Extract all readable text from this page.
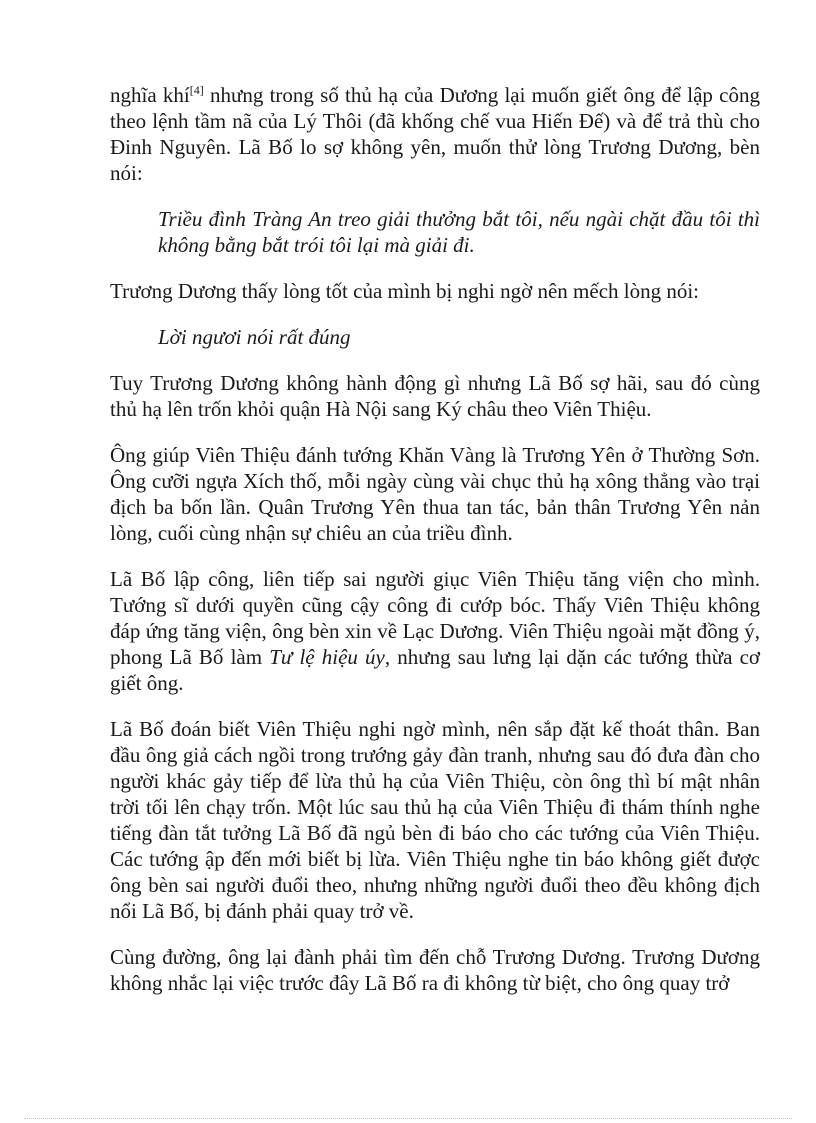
nghĩa khí[4] nhưng trong số thủ hạ của Dương lại muốn giết ông để lập công theo lệnh tầm nã của Lý Thôi (đã khống chế vua Hiến Đế) và để trả thù cho Đinh Nguyên. Lã Bố lo sợ không yên, muốn thử lòng Trương Dương, bèn nói:

Triều đình Tràng An treo giải thưởng bắt tôi, nếu ngài chặt đầu tôi thì không bằng bắt trói tôi lại mà giải đi.

Trương Dương thấy lòng tốt của mình bị nghi ngờ nên mếch lòng nói:

Lời ngươi nói rất đúng

Tuy Trương Dương không hành động gì nhưng Lã Bố sợ hãi, sau đó cùng thủ hạ lên trốn khỏi quận Hà Nội sang Ký châu theo Viên Thiệu.

Ông giúp Viên Thiệu đánh tướng Khăn Vàng là Trương Yên ở Thường Sơn. Ông cưỡi ngựa Xích thố, mỗi ngày cùng vài chục thủ hạ xông thẳng vào trại địch ba bốn lần. Quân Trương Yên thua tan tác, bản thân Trương Yên nản lòng, cuối cùng nhận sự chiêu an của triều đình.

Lã Bố lập công, liên tiếp sai người giục Viên Thiệu tăng viện cho mình. Tướng sĩ dưới quyền cũng cậy công đi cướp bóc. Thấy Viên Thiệu không đáp ứng tăng viện, ông bèn xin về Lạc Dương. Viên Thiệu ngoài mặt đồng ý, phong Lã Bố làm Tư lệ hiệu úy, nhưng sau lưng lại dặn các tướng thừa cơ giết ông.

Lã Bố đoán biết Viên Thiệu nghi ngờ mình, nên sắp đặt kế thoát thân. Ban đầu ông giả cách ngồi trong trướng gảy đàn tranh, nhưng sau đó đưa đàn cho người khác gảy tiếp để lừa thủ hạ của Viên Thiệu, còn ông thì bí mật nhân trời tối lên chạy trốn. Một lúc sau thủ hạ của Viên Thiệu đi thám thính nghe tiếng đàn tắt tưởng Lã Bố đã ngủ bèn đi báo cho các tướng của Viên Thiệu. Các tướng ập đến mới biết bị lừa. Viên Thiệu nghe tin báo không giết được ông bèn sai người đuổi theo, nhưng những người đuổi theo đều không địch nổi Lã Bố, bị đánh phải quay trở về.

Cùng đường, ông lại đành phải tìm đến chỗ Trương Dương. Trương Dương không nhắc lại việc trước đây Lã Bố ra đi không từ biệt, cho ông quay trở
